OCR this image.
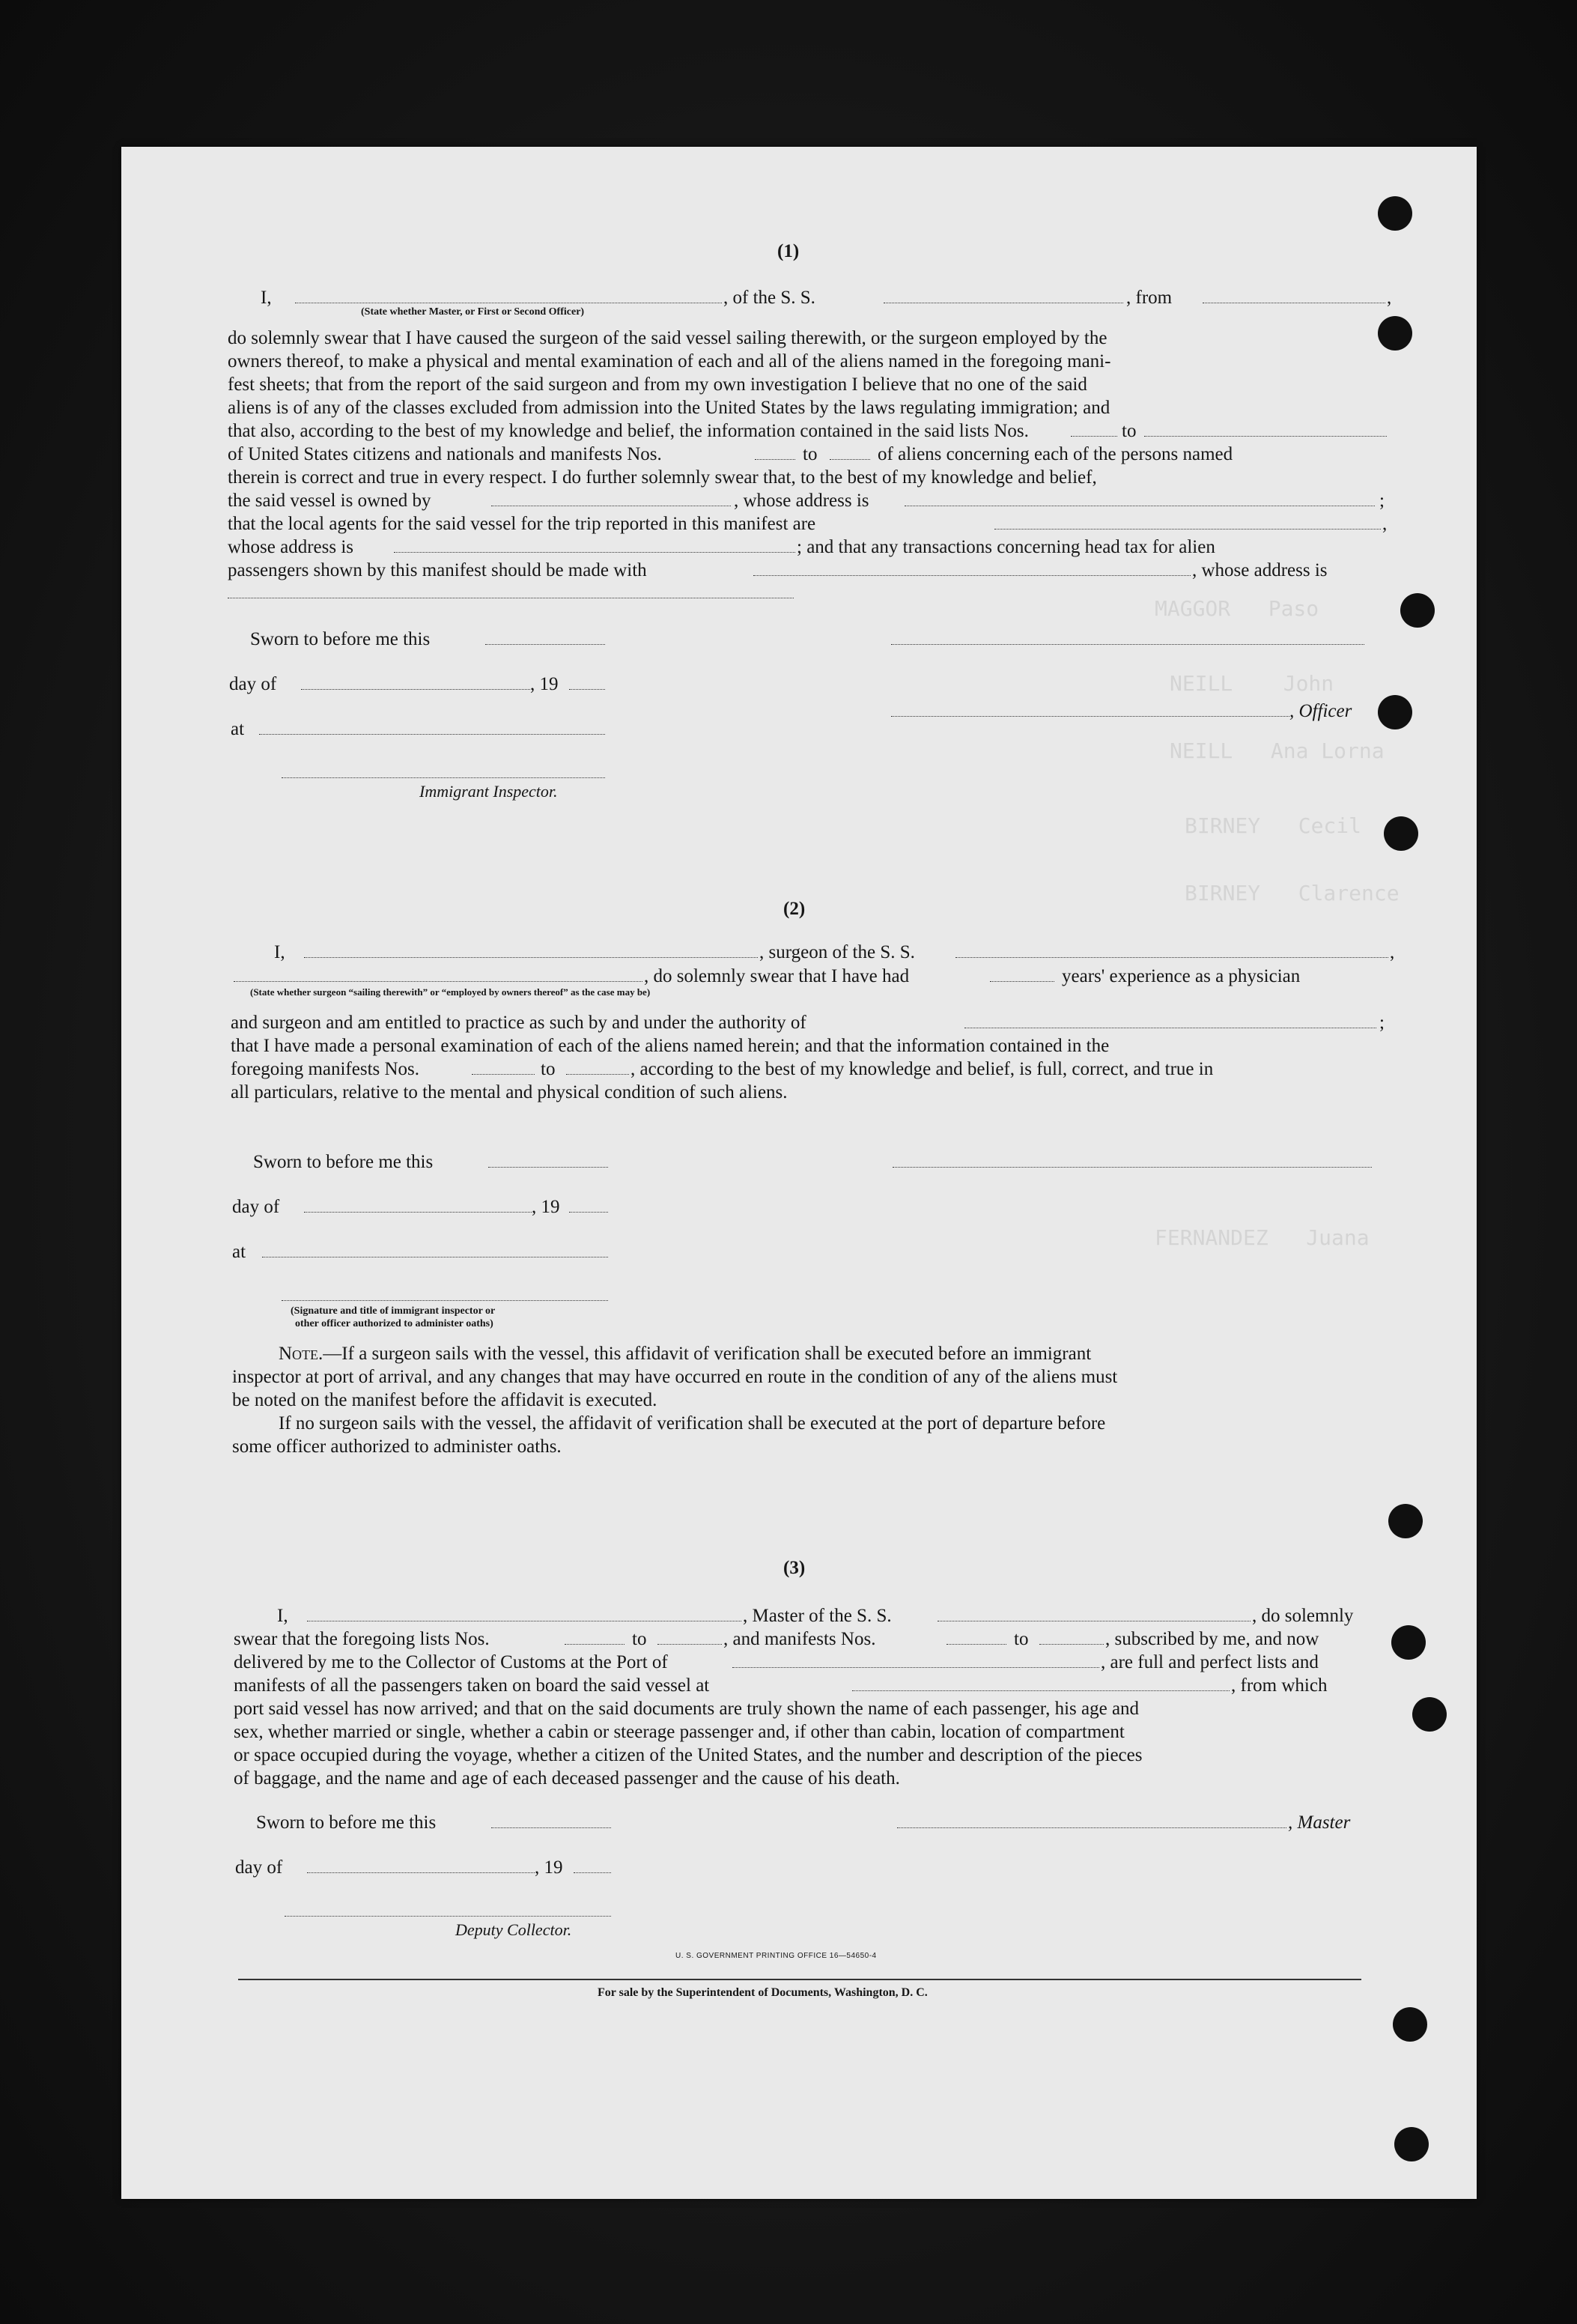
MAGGOR   Paso
NEILL    John
NEILL   Ana Lorna
BIRNEY   Cecil
BIRNEY   Clarence
FERNANDEZ   Juana
(1)
I,	, of the S. S.	, from	,
(State whether Master, or First or Second Officer)
do solemnly swear that I have caused the surgeon of the said vessel sailing therewith, or the surgeon employed by the
owners thereof, to make a physical and mental examination of each and all of the aliens named in the foregoing mani-
fest sheets; that from the report of the said surgeon and from my own investigation I believe that no one of the said
aliens is of any of the classes excluded from admission into the United States by the laws regulating immigration; and
that also, according to the best of my knowledge and belief, the information contained in the said lists Nos.	to
of United States citizens and nationals and manifests Nos.	to	of aliens concerning each of the persons named
therein is correct and true in every respect. I do further solemnly swear that, to the best of my knowledge and belief,
the said vessel is owned by	, whose address is	;
that the local agents for the said vessel for the trip reported in this manifest are	,
whose address is	; and that any transactions concerning head tax for alien
passengers shown by this manifest should be made with	, whose address is
Sworn to before me this
day of	, 19
, Officer
at
Immigrant Inspector.
(2)
I,	, surgeon of the S. S.	,
, do solemnly swear that I have had	years' experience as a physician
(State whether surgeon “sailing therewith” or “employed by owners thereof” as the case may be)
and surgeon and am entitled to practice as such by and under the authority of	;
that I have made a personal examination of each of the aliens named herein; and that the information contained in the
foregoing manifests Nos.	to	, according to the best of my knowledge and belief, is full, correct, and true in
all particulars, relative to the mental and physical condition of such aliens.
Sworn to before me this
day of	, 19
at
(Signature and title of immigrant inspector or
other officer authorized to administer oaths)
Note.—If a surgeon sails with the vessel, this affidavit of verification shall be executed before an immigrant
inspector at port of arrival, and any changes that may have occurred en route in the condition of any of the aliens must
be noted on the manifest before the affidavit is executed.
If no surgeon sails with the vessel, the affidavit of verification shall be executed at the port of departure before
some officer authorized to administer oaths.
(3)
I,	, Master of the S. S.	, do solemnly
swear that the foregoing lists Nos.	to	, and manifests Nos.	to	, subscribed by me, and now
delivered by me to the Collector of Customs at the Port of	, are full and perfect lists and
manifests of all the passengers taken on board the said vessel at	, from which
port said vessel has now arrived; and that on the said documents are truly shown the name of each passenger, his age and
sex, whether married or single, whether a cabin or steerage passenger and, if other than cabin, location of compartment
or space occupied during the voyage, whether a citizen of the United States, and the number and description of the pieces
of baggage, and the name and age of each deceased passenger and the cause of his death.
Sworn to before me this	, Master
day of	, 19
Deputy Collector.
U. S. GOVERNMENT PRINTING OFFICE 16—54650-4
For sale by the Superintendent of Documents, Washington, D. C.
